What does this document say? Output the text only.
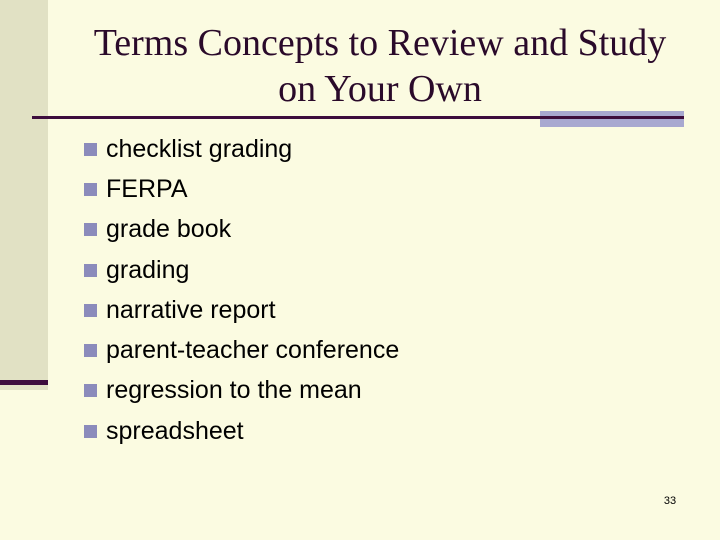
Terms Concepts to Review and Study on Your Own
checklist grading
FERPA
grade book
grading
narrative report
parent-teacher conference
regression to the mean
spreadsheet
33
